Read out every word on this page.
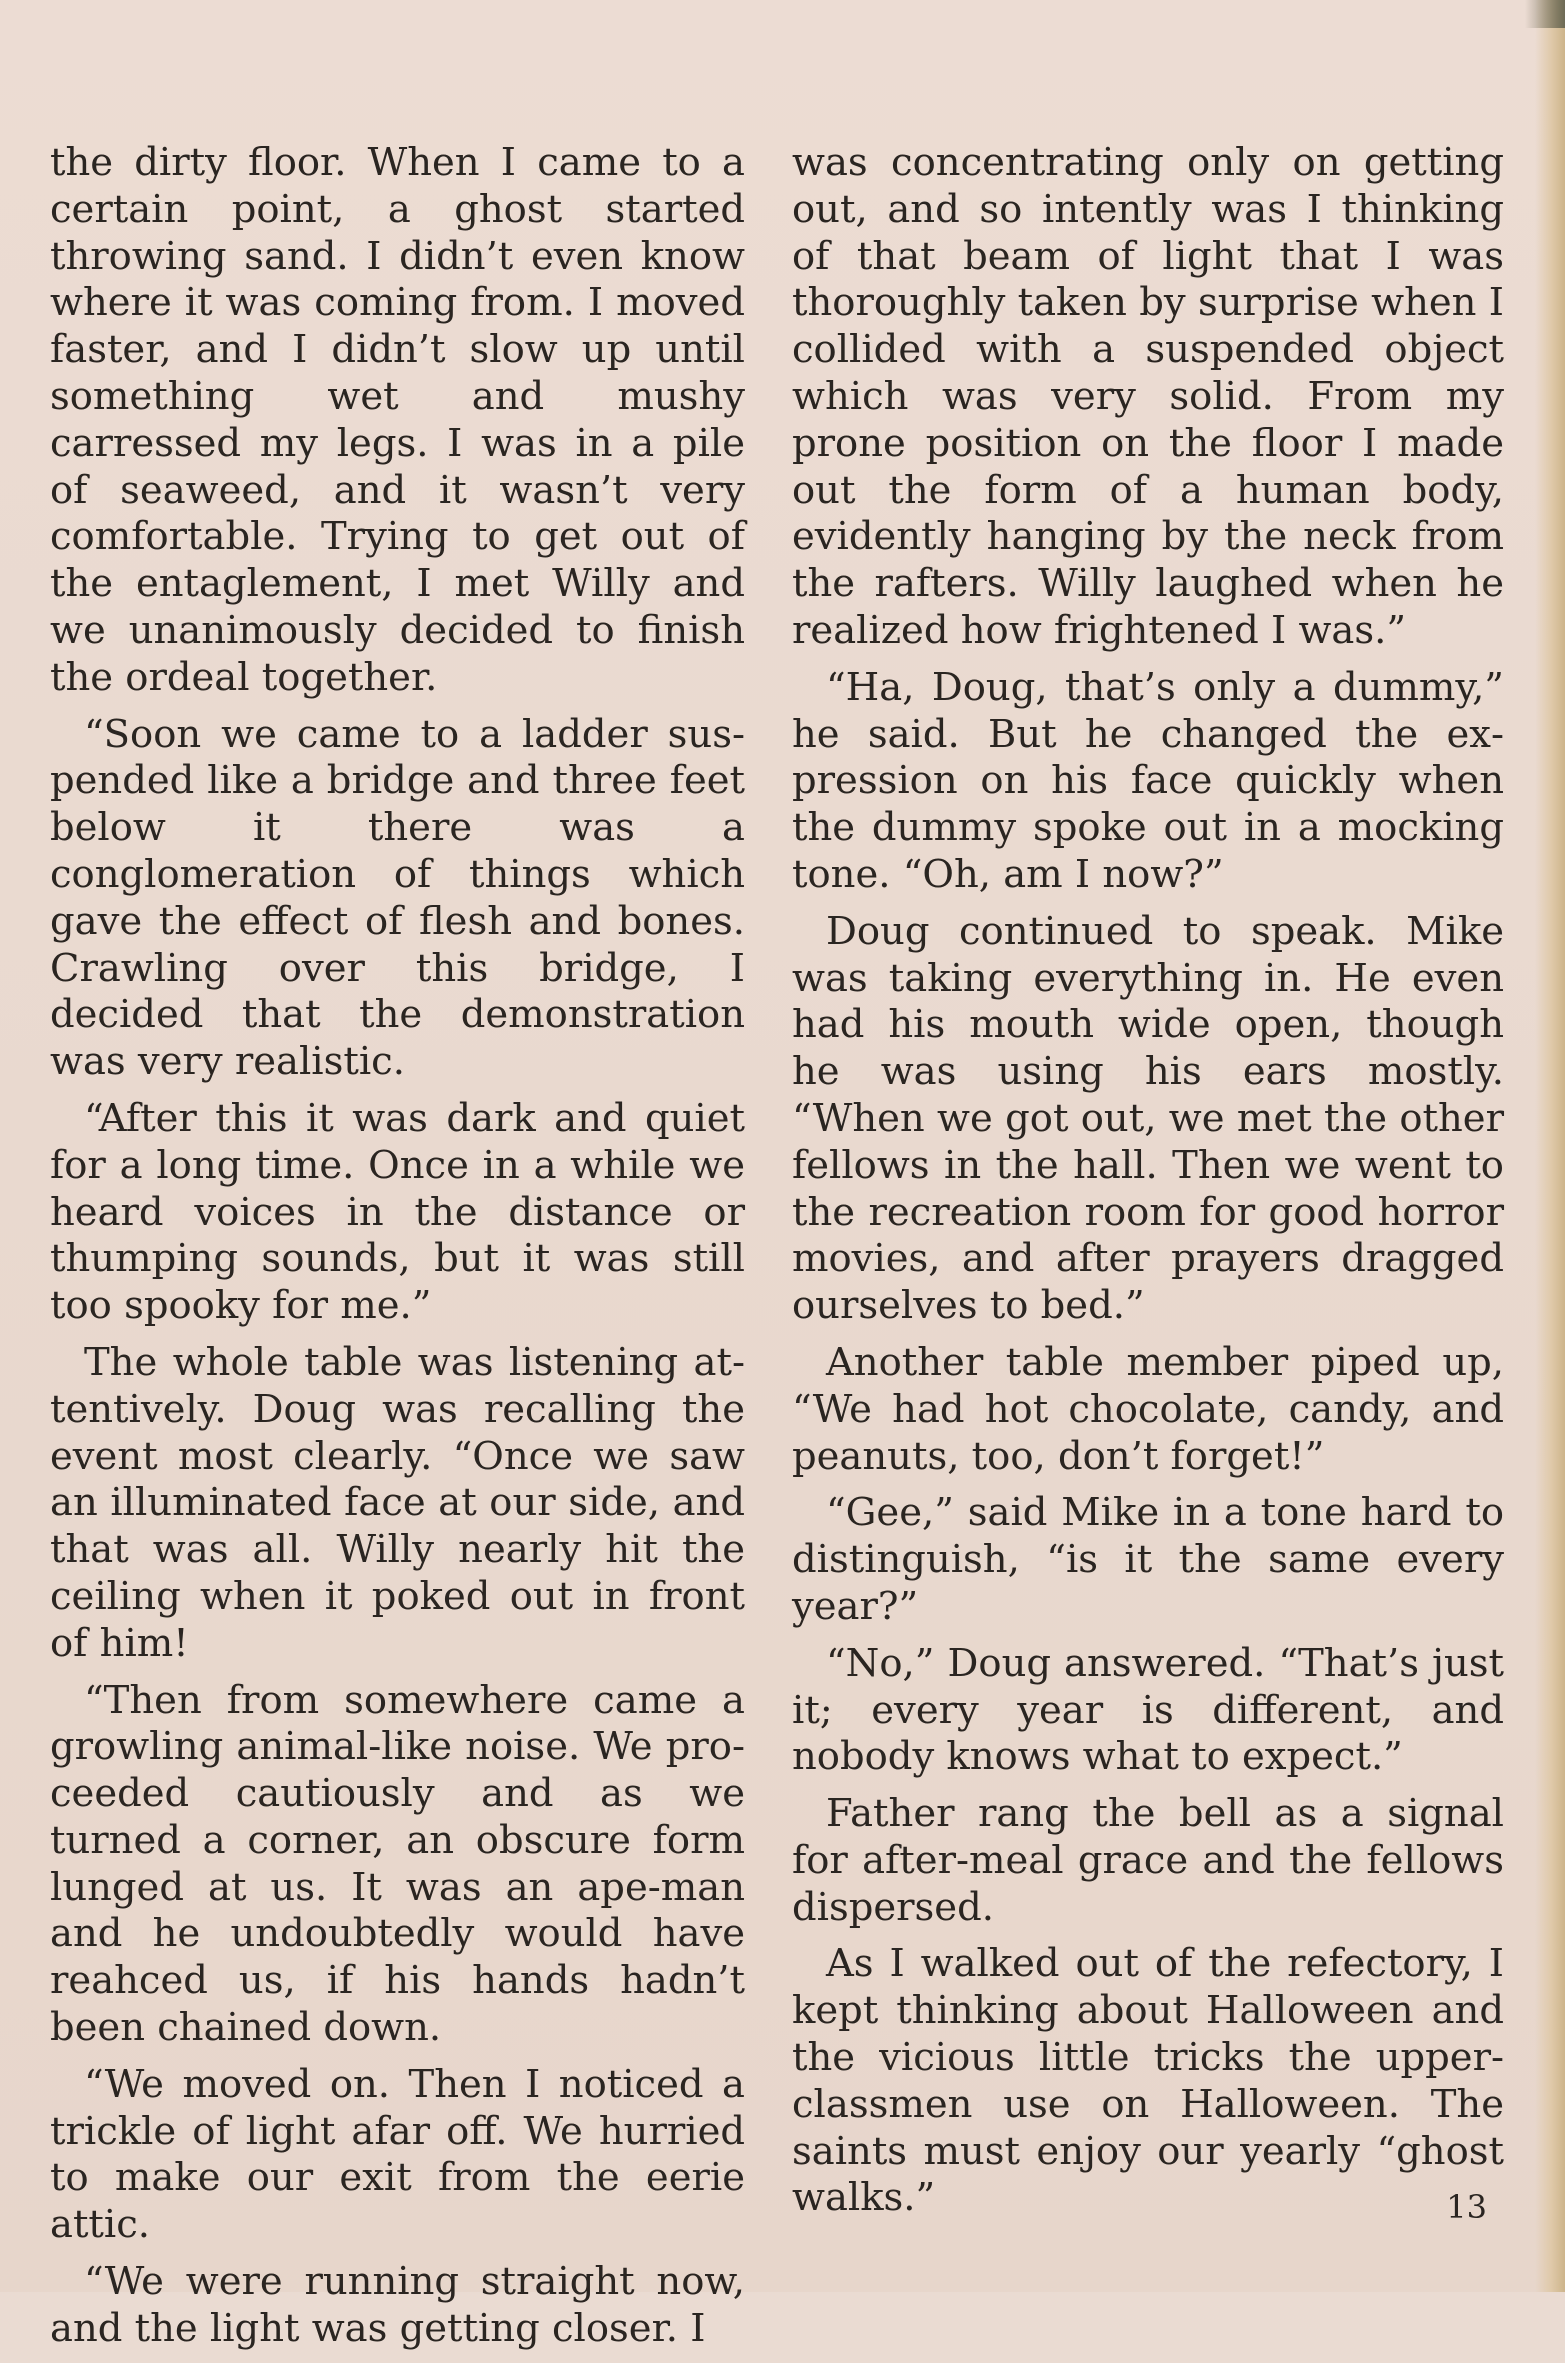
the dirty floor. When I came to a certain point, a ghost started throwing sand. I didn’t even know where it was coming from. I moved faster, and I didn’t slow up until something wet and mushy carressed my legs. I was in a pile of seaweed, and it wasn’t very comfortable. Trying to get out of the entaglement, I met Willy and we unanimously decided to finish the ordeal together.

“Soon we came to a ladder suspended like a bridge and three feet below it there was a conglomeration of things which gave the effect of flesh and bones. Crawling over this bridge, I decided that the demonstration was very realistic.

“After this it was dark and quiet for a long time. Once in a while we heard voices in the distance or thumping sounds, but it was still too spooky for me.”

The whole table was listening attentively. Doug was recalling the event most clearly. “Once we saw an illuminated face at our side, and that was all. Willy nearly hit the ceiling when it poked out in front of him!

“Then from somewhere came a growling animal-like noise. We proceeded cautiously and as we turned a corner, an obscure form lunged at us. It was an ape-man and he undoubtedly would have reahced us, if his hands hadn’t been chained down.

“We moved on. Then I noticed a trickle of light afar off. We hurried to make our exit from the eerie attic.

“We were running straight now, and the light was getting closer. I

was concentrating only on getting out, and so intently was I thinking of that beam of light that I was thoroughly taken by surprise when I collided with a suspended object which was very solid. From my prone position on the floor I made out the form of a human body, evidently hanging by the neck from the rafters. Willy laughed when he realized how frightened I was.”

“Ha, Doug, that’s only a dummy,” he said. But he changed the expression on his face quickly when the dummy spoke out in a mocking tone. “Oh, am I now?”

Doug continued to speak. Mike was taking everything in. He even had his mouth wide open, though he was using his ears mostly. “When we got out, we met the other fellows in the hall. Then we went to the recreation room for good horror movies, and after prayers dragged ourselves to bed.”

Another table member piped up, “We had hot chocolate, candy, and peanuts, too, don’t forget!”

“Gee,” said Mike in a tone hard to distinguish, “is it the same every year?”

“No,” Doug answered. “That’s just it; every year is different, and nobody knows what to expect.”

Father rang the bell as a signal for after-meal grace and the fellows dispersed.

As I walked out of the refectory, I kept thinking about Halloween and the vicious little tricks the upperclassmen use on Halloween. The saints must enjoy our yearly “ghost walks.”	13
